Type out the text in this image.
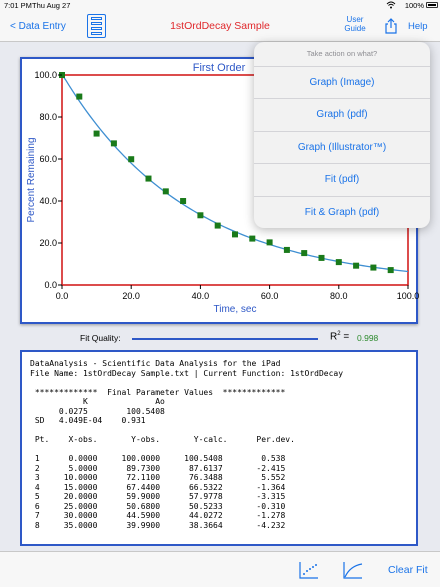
7:01 PM Thu Aug 27	100%
< Data Entry	1stOrdDecay Sample
User Guide	Help
0.0
0.0
20.0
20.0
40.0
40.0
60.0
60.0
80.0
80.0
100.0
100.0
Time, sec
Percent Remaining
First Order
Fit Quality:	$R^2 = 0.998$
DataAnalysis - Scientific Data Analysis for the iPad
File Name: 1stOrdDecay Sample.txt | Current Function: 1stOrdDecay

*************  Final Parameter Values  *************
K              Ao
0.0275        100.5408
SD   4.049E-04    0.931

Pt.    X-obs.       Y-obs.       Y-calc.      Per.dev.

1      0.0000     100.0000     100.5408        0.538
2      5.0000      89.7300      87.6137       -2.415
3     10.0000      72.1100      76.3488        5.552
4     15.0000      67.4400      66.5322       -1.364
5     20.0000      59.9000      57.9778       -3.315
6     25.0000      50.6800      50.5233       -0.310
7     30.0000      44.5900      44.0272       -1.278
8     35.0000      39.9900      38.3664       -4.232
Clear Fit
Take action on what?
Graph (Image)
Graph (pdf)
Graph (Illustrator™)
Fit (pdf)
Fit & Graph (pdf)
